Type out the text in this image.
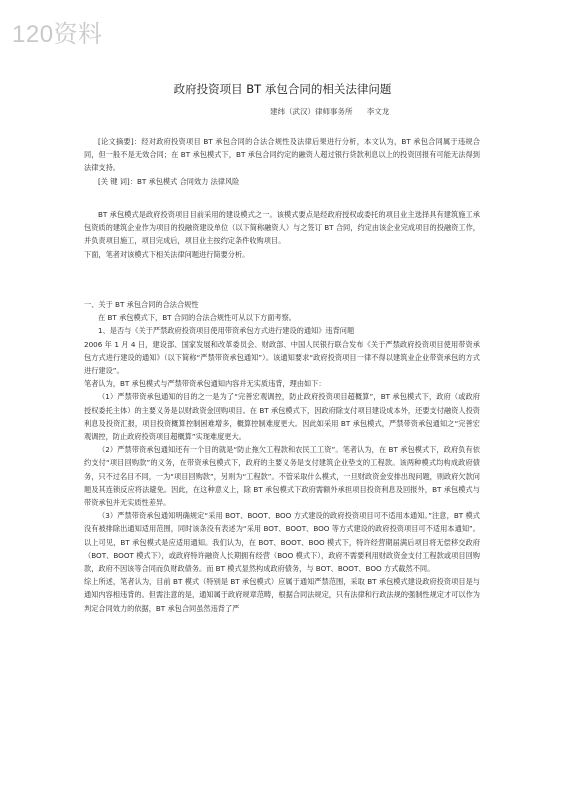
120资料
政府投资项目 BT 承包合同的相关法律问题
建纬（武汉）律师事务所      李文龙

[论文摘要]：经对政府投资项目 BT 承包合同的合法合规性及法律后果进行分析，本文认为，BT 承包合同属于违规合同，但一般不是无效合同；在 BT 承包模式下，BT 承包合同约定的融资人超过银行贷款利息以上的投资回报有可能无法得到法律支持。

[关 键 词]：BT 承包模式 合同效力 法律风险

BT 承包模式是政府投资项目目前采用的建设模式之一。该模式要点是经政府授权或委托的项目业主选择具有建筑施工承包资质的建筑企业作为项目的投融资建设单位（以下简称融资人）与之签订 BT 合同，约定由该企业完成项目的投融资工作，并负责项目施工，项目完成后，项目业主按约定条件收购项目。

下面，笔者对该模式下相关法律问题进行简要分析。

一、关于 BT 承包合同的合法合规性

在 BT 承包模式下，BT 合同的合法合规性可从以下方面考察。

1、是否与《关于严禁政府投资项目使用带资承包方式进行建设的通知》违背问题

2006 年 1 月 4 日，建设部、国家发展和改革委员会、财政部、中国人民银行联合发布《关于严禁政府投资项目使用带资承包方式进行建设的通知》（以下简称“严禁带资承包通知”）。该通知要求“政府投资项目一律不得以建筑业企业带资承包的方式进行建设”。

笔者认为，BT 承包模式与严禁带资承包通知内容并无实质违背，理由如下：

（1）严禁带资承包通知的目的之一是为了“完善宏观调控，防止政府投资项目超概算”，BT 承包模式下，政府（或政府授权委托主体）的主要义务是以财政资金回购项目。在 BT 承包模式下，因政府除支付项目建设成本外，还要支付融资人投资利息及投资汇报，项目投资概算控制困难增多，概算控制难度更大。因此如采用 BT 承包模式，严禁带资承包通知之“完善宏观调控，防止政府投资项目超概算”实现难度更大。

（2）严禁带资承包通知还有一个目的就是“防止拖欠工程款和农民工工资”。笔者认为，在 BT 承包模式下，政府负有依约支付“项目回购款”的义务，在带资承包模式下，政府的主要义务是支付建筑企业垫支的工程款。该两种模式均构成政府债务，只不过名目不同，一为“项目回购款”，另则为“工程款”。不管采取什么模式，一旦财政资金安排出现问题，则政府欠款问题及其连锁反应将法避免。因此，在这种意义上，除 BT 承包模式下政府需额外承担项目投资利息及回报外，BT 承包模式与带资承包并无实质性差异。

（3）严禁带资承包通知明确规定“采用 BOT、BOOT、BOO 方式建设的政府投资项目可不适用本通知。”注意，BT 模式没有被排除出通知适用范围，同时该条没有表述为“采用 BOT、BOOT、BOO 等方式建设的政府投资项目可不适用本通知”。以上可见，BT 承包模式是应适用通知。我们认为，在 BOT、BOOT、BOO 模式下，特许经营期届满后项目将无偿移交政府（BOT、BOOT 模式下），或政府特许融资人长期拥有经营（BOO 模式下），政府不需要利用财政资金支付工程款或项目回购款，政府不因该等合同而负财政债务。而 BT 模式显然构成政府债务，与 BOT、BOOT、BOO 方式截然不同。

综上所述，笔者认为，目前 BT 模式（特别是 BT 承包模式）应属于通知严禁范围，采取 BT 承包模式建设政府投资项目是与通知内容相违背的。但需注意的是，通知属于政府规章范畴，根据合同法规定，只有法律和行政法规的强制性规定才可以作为判定合同效力的依据，BT 承包合同虽然违背了严
